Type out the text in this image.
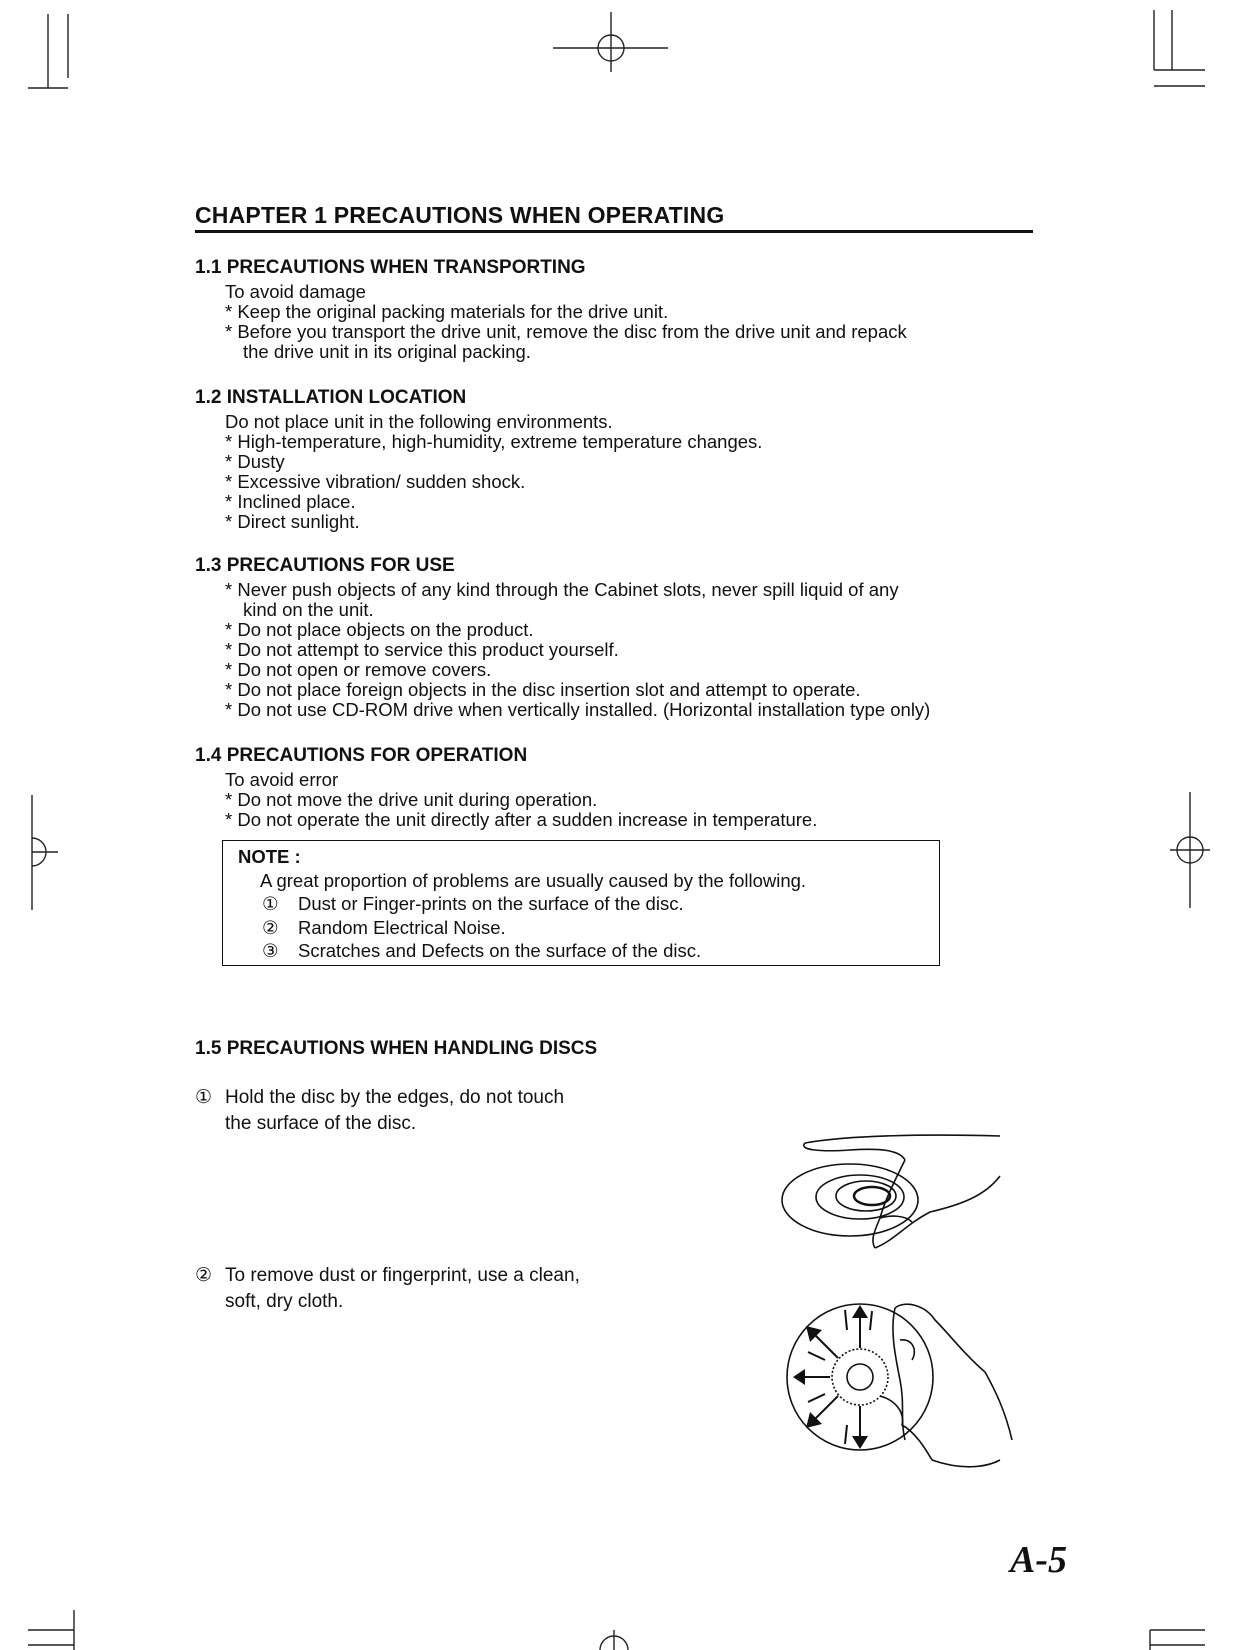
CHAPTER 1 PRECAUTIONS WHEN OPERATING
1.1 PRECAUTIONS WHEN TRANSPORTING
To avoid damage
* Keep the original packing materials for the drive unit.
* Before you transport the drive unit, remove the disc from the drive unit and repack
the drive unit in its original packing.
1.2 INSTALLATION LOCATION
Do not place unit in the following environments.
* High-temperature, high-humidity, extreme temperature changes.
* Dusty
* Excessive vibration/ sudden shock.
* Inclined place.
* Direct sunlight.
1.3 PRECAUTIONS FOR USE
* Never push objects of any kind through the Cabinet slots, never spill liquid of any
kind on the unit.
* Do not place objects on the product.
* Do not attempt to service this product yourself.
* Do not open or remove covers.
* Do not place foreign objects in the disc insertion slot and attempt to operate.
* Do not use CD-ROM drive when vertically installed. (Horizontal installation type only)
1.4 PRECAUTIONS FOR OPERATION
To avoid error
* Do not move the drive unit during operation.
* Do not operate the unit directly after a sudden increase in temperature.
NOTE :
A great proportion of problems are usually caused by the following.
① Dust or Finger-prints on the surface of the disc.
② Random Electrical Noise.
③ Scratches and Defects on the surface of the disc.
1.5 PRECAUTIONS WHEN HANDLING DISCS
① Hold the disc by the edges, do not touch
the surface of the disc.
② To remove dust or fingerprint, use a clean,
soft, dry cloth.
A-5
